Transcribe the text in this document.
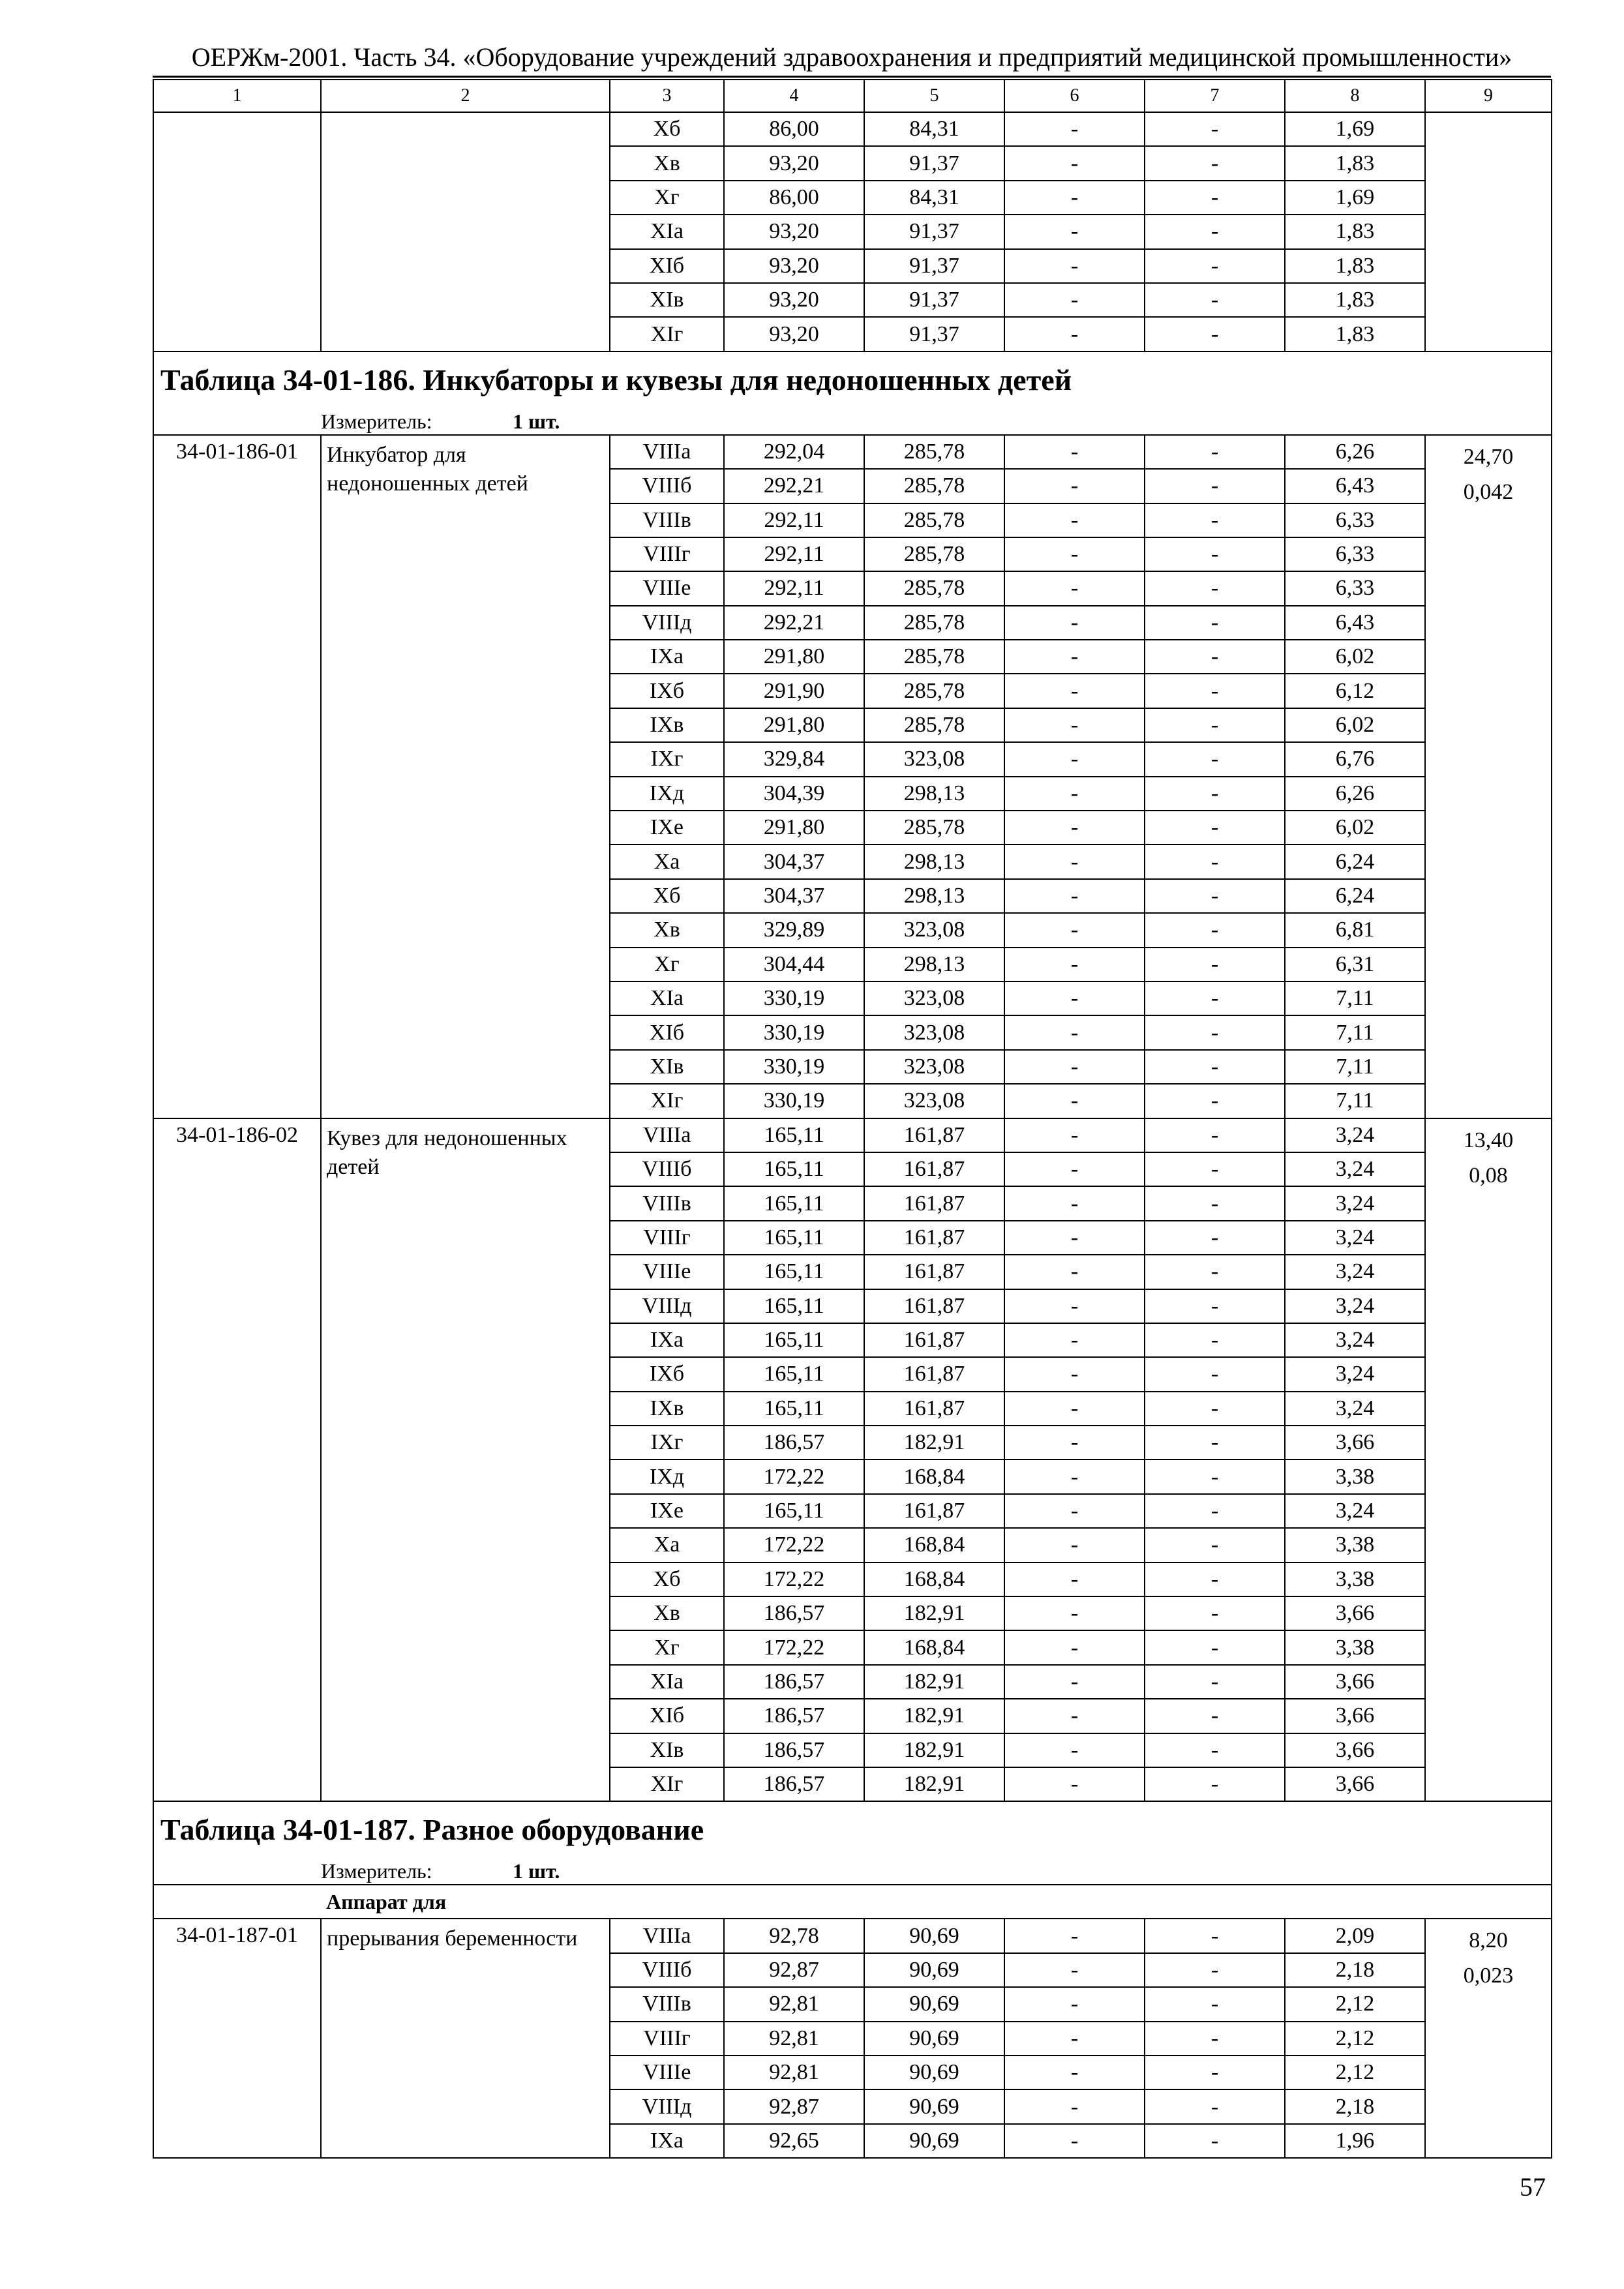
ОЕРЖм-2001. Часть 34. «Оборудование учреждений здравоохранения и предприятий медицинской промышленности»
1	2	3	4	5	6	7	8	9
		Xб	86,00	84,31	-	-	1,69	
		Xв	93,20	91,37	-	-	1,83	
		Xг	86,00	84,31	-	-	1,69	
		XIа	93,20	91,37	-	-	1,83	
		XIб	93,20	91,37	-	-	1,83	
		XIв	93,20	91,37	-	-	1,83	
		XIг	93,20	91,37	-	-	1,83	
Таблица 34-01-186. Инкубаторы и кувезы для недоношенных детей								
	Измеритель: 1 шт.							
34-01-186-01	Инкубатор для недоношенных детей	VIIIа	292,04	285,78	-	-	6,26	24,70
0,042

		VIIIб	292,21	285,78	-	-	6,43	
		VIIIв	292,11	285,78	-	-	6,33	
		VIIIг	292,11	285,78	-	-	6,33	
		VIIIе	292,11	285,78	-	-	6,33	
		VIIIд	292,21	285,78	-	-	6,43	
		IXа	291,80	285,78	-	-	6,02	
		IXб	291,90	285,78	-	-	6,12	
		IXв	291,80	285,78	-	-	6,02	
		IXг	329,84	323,08	-	-	6,76	
		IXд	304,39	298,13	-	-	6,26	
		IXе	291,80	285,78	-	-	6,02	
		Xа	304,37	298,13	-	-	6,24	
		Xб	304,37	298,13	-	-	6,24	
		Xв	329,89	323,08	-	-	6,81	
		Xг	304,44	298,13	-	-	6,31	
		XIа	330,19	323,08	-	-	7,11	
		XIб	330,19	323,08	-	-	7,11	
		XIв	330,19	323,08	-	-	7,11	
		XIг	330,19	323,08	-	-	7,11	
34-01-186-02	Кувез для недоношенных детей	VIIIа	165,11	161,87	-	-	3,24	13,40
0,08

		VIIIб	165,11	161,87	-	-	3,24	
		VIIIв	165,11	161,87	-	-	3,24	
		VIIIг	165,11	161,87	-	-	3,24	
		VIIIе	165,11	161,87	-	-	3,24	
		VIIIд	165,11	161,87	-	-	3,24	
		IXа	165,11	161,87	-	-	3,24	
		IXб	165,11	161,87	-	-	3,24	
		IXв	165,11	161,87	-	-	3,24	
		IXг	186,57	182,91	-	-	3,66	
		IXд	172,22	168,84	-	-	3,38	
		IXе	165,11	161,87	-	-	3,24	
		Xа	172,22	168,84	-	-	3,38	
		Xб	172,22	168,84	-	-	3,38	
		Xв	186,57	182,91	-	-	3,66	
		Xг	172,22	168,84	-	-	3,38	
		XIа	186,57	182,91	-	-	3,66	
		XIб	186,57	182,91	-	-	3,66	
		XIв	186,57	182,91	-	-	3,66	
		XIг	186,57	182,91	-	-	3,66	
Таблица 34-01-187. Разное оборудование								
	Измеритель: 1 шт.							
	Аппарат для							
34-01-187-01	прерывания беременности	VIIIа	92,78	90,69	-	-	2,09	8,20
0,023

		VIIIб	92,87	90,69	-	-	2,18	
		VIIIв	92,81	90,69	-	-	2,12	
		VIIIг	92,81	90,69	-	-	2,12	
		VIIIе	92,81	90,69	-	-	2,12	
		VIIIд	92,87	90,69	-	-	2,18	
		IXа	92,65	90,69	-	-	1,96	
57
